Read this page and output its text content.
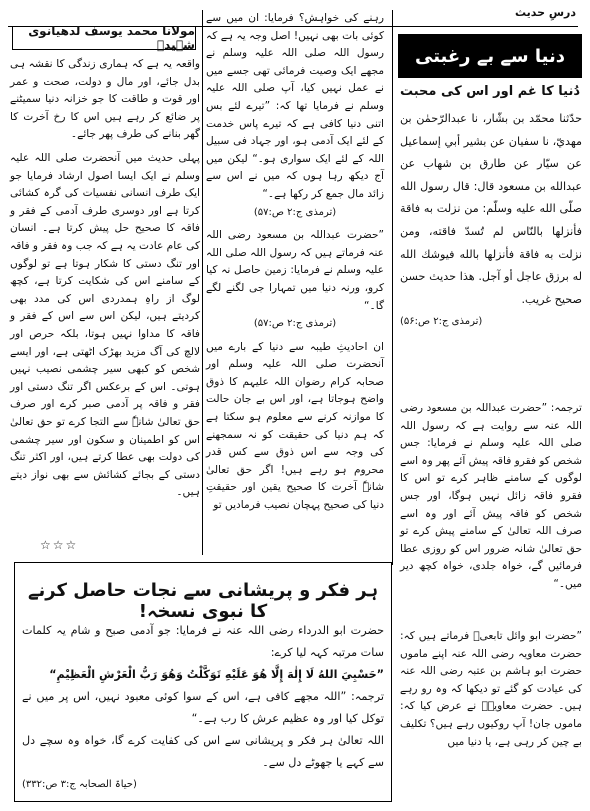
درسِ حدیث
دنیا سے بے رغبتی
دُنیا کا غم اور اس کی محبت
حدّثنا محمّد بن بشّار، نا عبدالرّحمٰن بن مهديّ، نا سفيان عن بشير أبي إسماعيل عن سيّار عن طارق بن شهاب عن عبدالله بن مسعود قال: قال رسول الله صلّى الله عليه وسلّم: من نزلت به فاقة فأنزلها بالنّاس لم تُسدّ فاقته، ومن نزلت به فاقة فأنزلها بالله فيوشك الله له برزق عاجل أو آجل. هذا حديث حسن صحيح غريب.
(ترمذی ج:۲ ص:۵۶)
ترجمہ: ”حضرت عبداللہ بن مسعود رضی اللہ عنہ سے روایت ہے کہ رسول اللہ صلی اللہ علیہ وسلم نے فرمایا: جس شخص کو فقرو فاقہ پیش آئے پھر وہ اسے لوگوں کے سامنے ظاہر کرے تو اس کا فقرو فاقہ زائل نہیں ہوگا، اور جس شخص کو فاقہ پیش آئے اور وہ اسے صرف اللہ تعالیٰ کے سامنے پیش کرے تو حق تعالیٰ شانہ ضرور اس کو روزی عطا فرمائیں گے، خواہ جلدی، خواہ کچھ دیر میں۔“
”حضرت ابو وائل تابعیؒ فرماتے ہیں کہ: حضرت معاویہ رضی اللہ عنہ اپنے ماموں حضرت ابو ہاشم بن عتبہ رضی اللہ عنہ کی عیادت کو گئے تو دیکھا کہ وہ رو رہے ہیں۔ حضرت معاویہؓ نے عرض کیا کہ: ماموں جان! آپ روکیوں رہے ہیں؟ تکلیف بے چین کر رہی ہے، یا دنیا میں
رہنے کی خواہش؟ فرمایا: ان میں سے کوئی بات بھی نہیں! اصل وجہ یہ ہے کہ رسول اللہ صلی اللہ علیہ وسلم نے مجھے ایک وصیت فرمائی تھی جسے میں نے عمل نہیں کیا، آپ صلی اللہ علیہ وسلم نے فرمایا تھا کہ: ”تیرے لئے بس اتنی دنیا کافی ہے کہ تیرے پاس خدمت کے لئے ایک آدمی ہو، اور جہاد فی سبیل اللہ کے لئے ایک سواری ہو۔“ لیکن میں آج دیکھ رہا ہوں کہ میں نے اس سے زائد مال جمع کر رکھا ہے۔“
(ترمذی ج:۲ ص:۵۷)
”حضرت عبداللہ بن مسعود رضی اللہ عنہ فرماتے ہیں کہ رسول اللہ صلی اللہ علیہ وسلم نے فرمایا: زمین حاصل نہ کیا کرو، ورنہ دنیا میں تمہارا جی لگنے لگے گا۔“
(ترمذی ج:۲ ص:۵۷)
ان احادیثِ طیبہ سے دنیا کے بارے میں آنحضرت صلی اللہ علیہ وسلم اور صحابہ کرام رضوان اللہ علیہم کا ذوق واضح ہوجاتا ہے، اور اس بے جان حالت کا موازنہ کرنے سے معلوم ہو سکتا ہے کہ ہم دنیا کی حقیقت کو نہ سمجھنے کی وجہ سے اس ذوق سے کس قدر محروم ہو رہے ہیں! اگر حق تعالیٰ شانہٗ آخرت کا صحیح یقین اور حقیقتِ دنیا کی صحیح پہچان نصیب فرمادیں تو
مولانا محمد یوسف لدھیانوی شہیدؒ
واقعہ یہ ہے کہ ہماری زندگی کا نقشہ ہی بدل جائے، اور مال و دولت، صحت و عمر اور قوت و طاقت کا جو خزانہ دنیا سمیٹنے پر ضائع کر رہے ہیں اس کا رخ آخرت کا گھر بنانے کی طرف پھر جائے۔
پہلی حدیث میں آنحضرت صلی اللہ علیہ وسلم نے ایک ایسا اصول ارشاد فرمایا جو ایک طرف انسانی نفسیات کی گرہ کشائی کرتا ہے اور دوسری طرف آدمی کے فقر و فاقہ کا صحیح حل پیش کرتا ہے۔ انسان کی عام عادت یہ ہے کہ جب وہ فقر و فاقہ اور تنگ دستی کا شکار ہوتا ہے تو لوگوں کے سامنے اس کی شکایت کرتا ہے، کچھ لوگ از راہِ ہمدردی اس کی مدد بھی کردیتے ہیں، لیکن اس سے اس کے فقر و فاقہ کا مداوا نہیں ہوتا، بلکہ حرص اور لالچ کی آگ مزید بھڑک اٹھتی ہے، اور ایسے شخص کو کبھی سیر چشمی نصیب نہیں ہوتی۔ اس کے برعکس اگر تنگ دستی اور فقر و فاقہ پر آدمی صبر کرے اور صرف حق تعالیٰ شانہٗ سے التجا کرے تو حق تعالیٰ اس کو اطمینان و سکون اور سیر چشمی کی دولت بھی عطا کرتے ہیں، اور اکثر تنگ دستی کے بجائے کشائش سے بھی نواز دیتے ہیں۔
☆☆☆
ہر فکر و پریشانی سے نجات حاصل کرنے کا نبوی نسخہ!
حضرت ابو الدرداء رضی اللہ عنہ نے فرمایا: جو آدمی صبح و شام یہ کلمات سات مرتبہ کہہ لیا کرے:
”حَسْبِيَ اللهُ لَا إِلٰهَ إِلَّا هُوَ عَلَيْهِ تَوَكَّلْتُ وَهُوَ رَبُّ الْعَرْشِ الْعَظِيْمِ“
ترجمہ: ”اللہ مجھے کافی ہے، اس کے سوا کوئی معبود نہیں، اس پر میں نے توکل کیا اور وہ عظیم عرش کا رب ہے۔“
اللہ تعالیٰ ہر فکر و پریشانی سے اس کی کفایت کرے گا، خواہ وہ سچے دل سے کہے یا جھوٹے دل سے۔
(حیاۃ الصحابہ ج:۳ ص:۳۳۲)
